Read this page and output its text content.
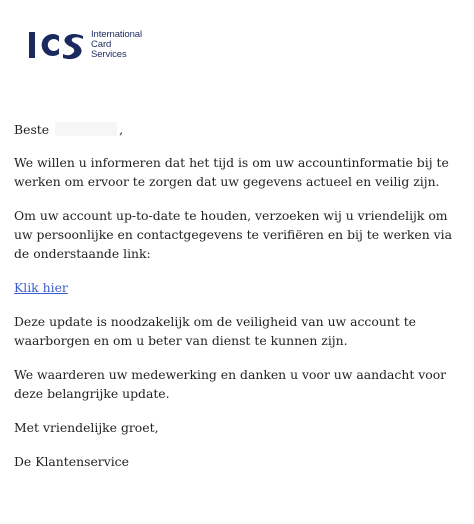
International
Card
Services

Beste	,

We willen u informeren dat het tijd is om uw accountinformatie bij te werken om ervoor te zorgen dat uw gegevens actueel en veilig zijn.

Om uw account up-to-date te houden, verzoeken wij u vriendelijk om uw persoonlijke en contactgegevens te verifiëren en bij te werken via de onderstaande link:

Klik hier

Deze update is noodzakelijk om de veiligheid van uw account te waarborgen en om u beter van dienst te kunnen zijn.

We waarderen uw medewerking en danken u voor uw aandacht voor deze belangrijke update.

Met vriendelijke groet,

De Klantenservice
